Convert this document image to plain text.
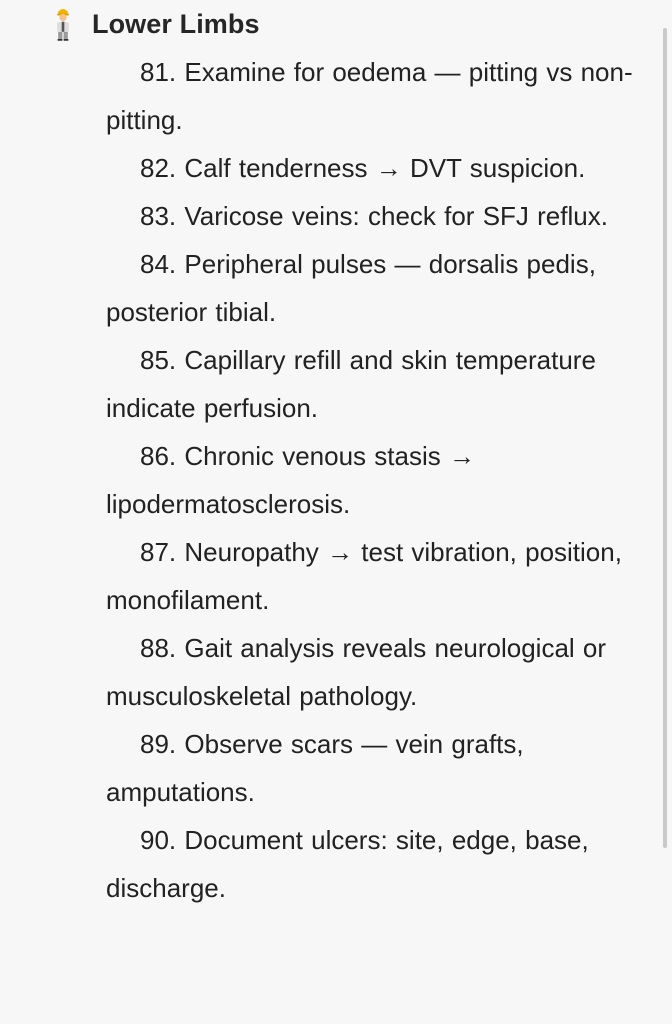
Lower Limbs

81. Examine for oedema — pitting vs non-pitting.

82. Calf tenderness → DVT suspicion.

83. Varicose veins: check for SFJ reflux.

84. Peripheral pulses — dorsalis pedis, posterior tibial.

85. Capillary refill and skin temperature indicate perfusion.

86. Chronic venous stasis → lipodermatosclerosis.

87. Neuropathy → test vibration, position, monofilament.

88. Gait analysis reveals neurological or musculoskeletal pathology.

89. Observe scars — vein grafts, amputations.

90. Document ulcers: site, edge, base, discharge.
